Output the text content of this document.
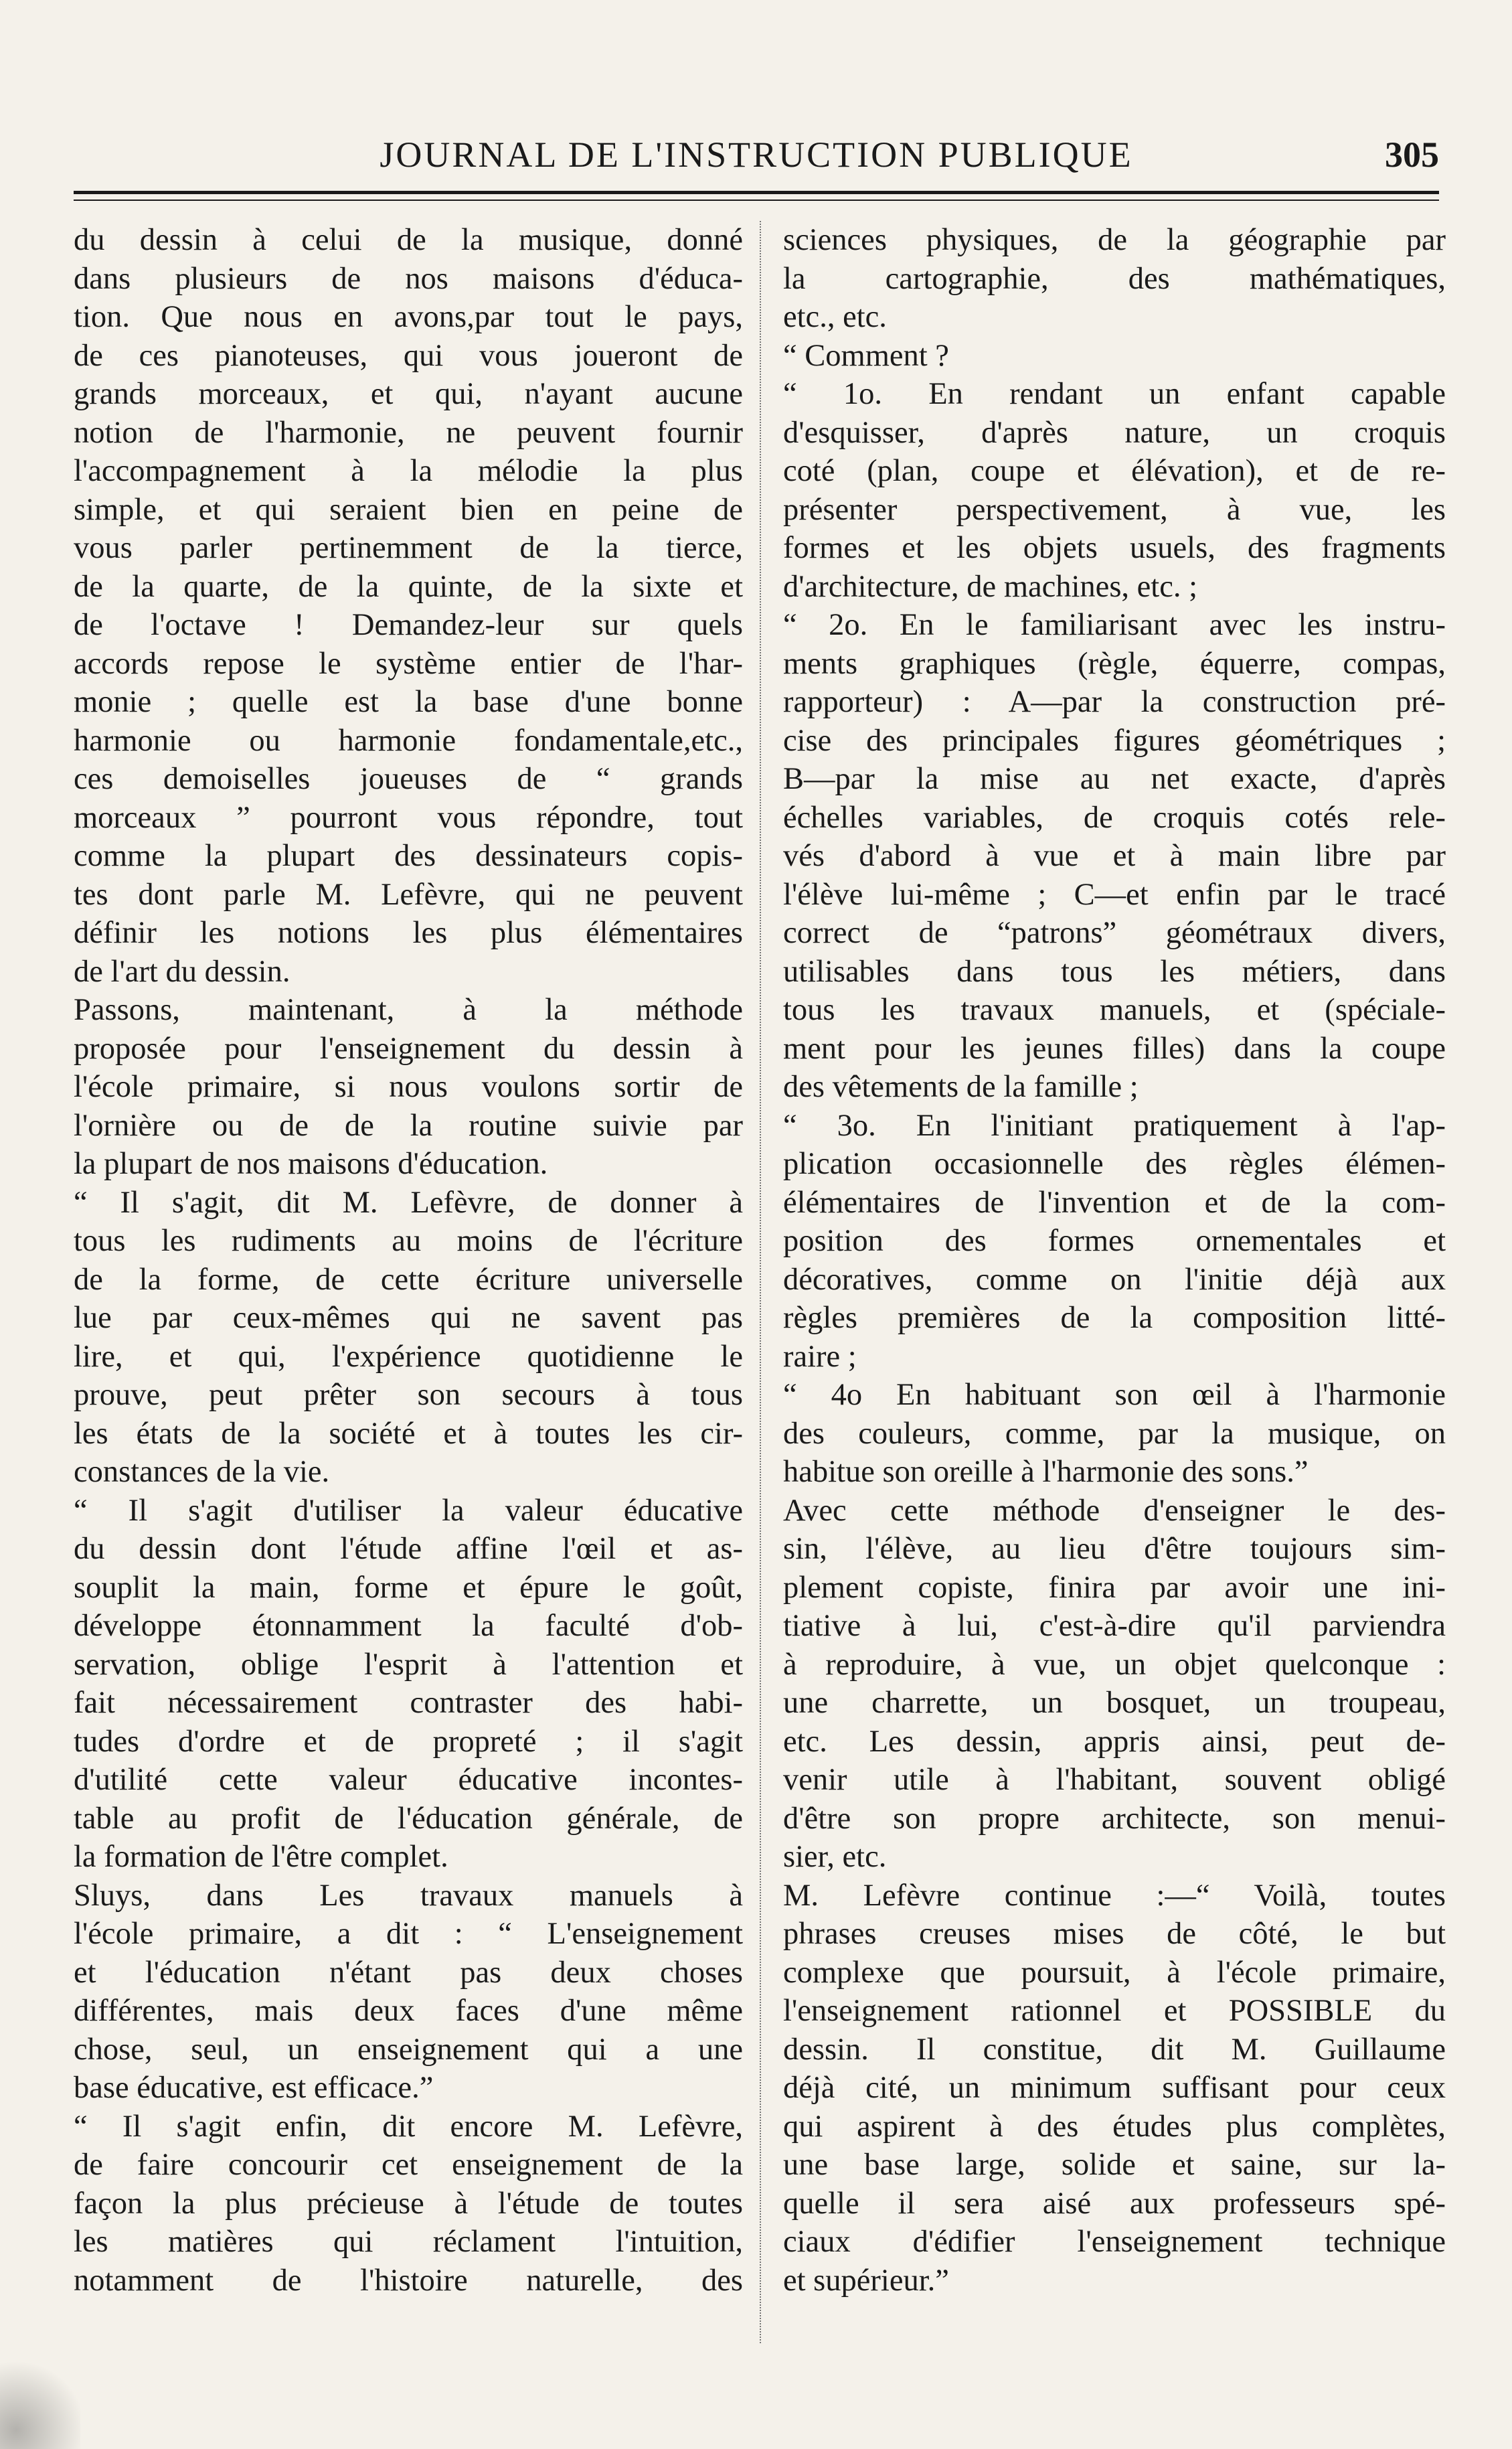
JOURNAL DE L'INSTRUCTION PUBLIQUE	305

du dessin à celui de la musique, donné
dans plusieurs de nos maisons d'éduca-
tion. Que nous en avons,par tout le pays,
de ces pianoteuses, qui vous joueront de
grands morceaux, et qui, n'ayant aucune
notion de l'harmonie, ne peuvent fournir
l'accompagnement à la mélodie la plus
simple, et qui seraient bien en peine de
vous parler pertinemment de la tierce,
de la quarte, de la quinte, de la sixte et
de l'octave ! Demandez-leur sur quels
accords repose le système entier de l'har-
monie ; quelle est la base d'une bonne
harmonie ou harmonie fondamentale,etc.,
ces demoiselles joueuses de “ grands
morceaux ” pourront vous répondre, tout
comme la plupart des dessinateurs copis-
tes dont parle M. Lefèvre, qui ne peuvent
définir les notions les plus élémentaires
de l'art du dessin.

Passons, maintenant, à la méthode
proposée pour l'enseignement du dessin à
l'école primaire, si nous voulons sortir de
l'ornière ou de de la routine suivie par
la plupart de nos maisons d'éducation.

“ Il s'agit, dit M. Lefèvre, de donner à
tous les rudiments au moins de l'écriture
de la forme, de cette écriture universelle
lue par ceux-mêmes qui ne savent pas
lire, et qui, l'expérience quotidienne le
prouve, peut prêter son secours à tous
les états de la société et à toutes les cir-
constances de la vie.

“ Il s'agit d'utiliser la valeur éducative
du dessin dont l'étude affine l'œil et as-
souplit la main, forme et épure le goût,
développe étonnamment la faculté d'ob-
servation, oblige l'esprit à l'attention et
fait nécessairement contraster des habi-
tudes d'ordre et de propreté ; il s'agit
d'utilité cette valeur éducative incontes-
table au profit de l'éducation générale, de
la formation de l'être complet.

Sluys, dans Les travaux manuels à
l'école primaire, a dit : “ L'enseignement
et l'éducation n'étant pas deux choses
différentes, mais deux faces d'une même
chose, seul, un enseignement qui a une
base éducative, est efficace.”

“ Il s'agit enfin, dit encore M. Lefèvre,
de faire concourir cet enseignement de la
façon la plus précieuse à l'étude de toutes
les matières qui réclament l'intuition,
notamment de l'histoire naturelle, des

sciences physiques, de la géographie par
la cartographie, des mathématiques,
etc., etc.

“ Comment ?

“ 1o. En rendant un enfant capable
d'esquisser, d'après nature, un croquis
coté (plan, coupe et élévation), et de re-
présenter perspectivement, à vue, les
formes et les objets usuels, des fragments
d'architecture, de machines, etc. ;

“ 2o. En le familiarisant avec les instru-
ments graphiques (règle, équerre, compas,
rapporteur) : A—par la construction pré-
cise des principales figures géométriques ;
B—par la mise au net exacte, d'après
échelles variables, de croquis cotés rele-
vés d'abord à vue et à main libre par
l'élève lui-même ; C—et enfin par le tracé
correct de “patrons” géométraux divers,
utilisables dans tous les métiers, dans
tous les travaux manuels, et (spéciale-
ment pour les jeunes filles) dans la coupe
des vêtements de la famille ;

“ 3o. En l'initiant pratiquement à l'ap-
plication occasionnelle des règles élémen-
élémentaires de l'invention et de la com-
position des formes ornementales et
décoratives, comme on l'initie déjà aux
règles premières de la composition litté-
raire ;

“ 4o En habituant son œil à l'harmonie
des couleurs, comme, par la musique, on
habitue son oreille à l'harmonie des sons.”

Avec cette méthode d'enseigner le des-
sin, l'élève, au lieu d'être toujours sim-
plement copiste, finira par avoir une ini-
tiative à lui, c'est-à-dire qu'il parviendra
à reproduire, à vue, un objet quelconque :
une charrette, un bosquet, un troupeau,
etc. Les dessin, appris ainsi, peut de-
venir utile à l'habitant, souvent obligé
d'être son propre architecte, son menui-
sier, etc.

M. Lefèvre continue :—“ Voilà, toutes
phrases creuses mises de côté, le but
complexe que poursuit, à l'école primaire,
l'enseignement rationnel et POSSIBLE du
dessin. Il constitue, dit M. Guillaume
déjà cité, un minimum suffisant pour ceux
qui aspirent à des études plus complètes,
une base large, solide et saine, sur la-
quelle il sera aisé aux professeurs spé-
ciaux d'édifier l'enseignement technique
et supérieur.”
